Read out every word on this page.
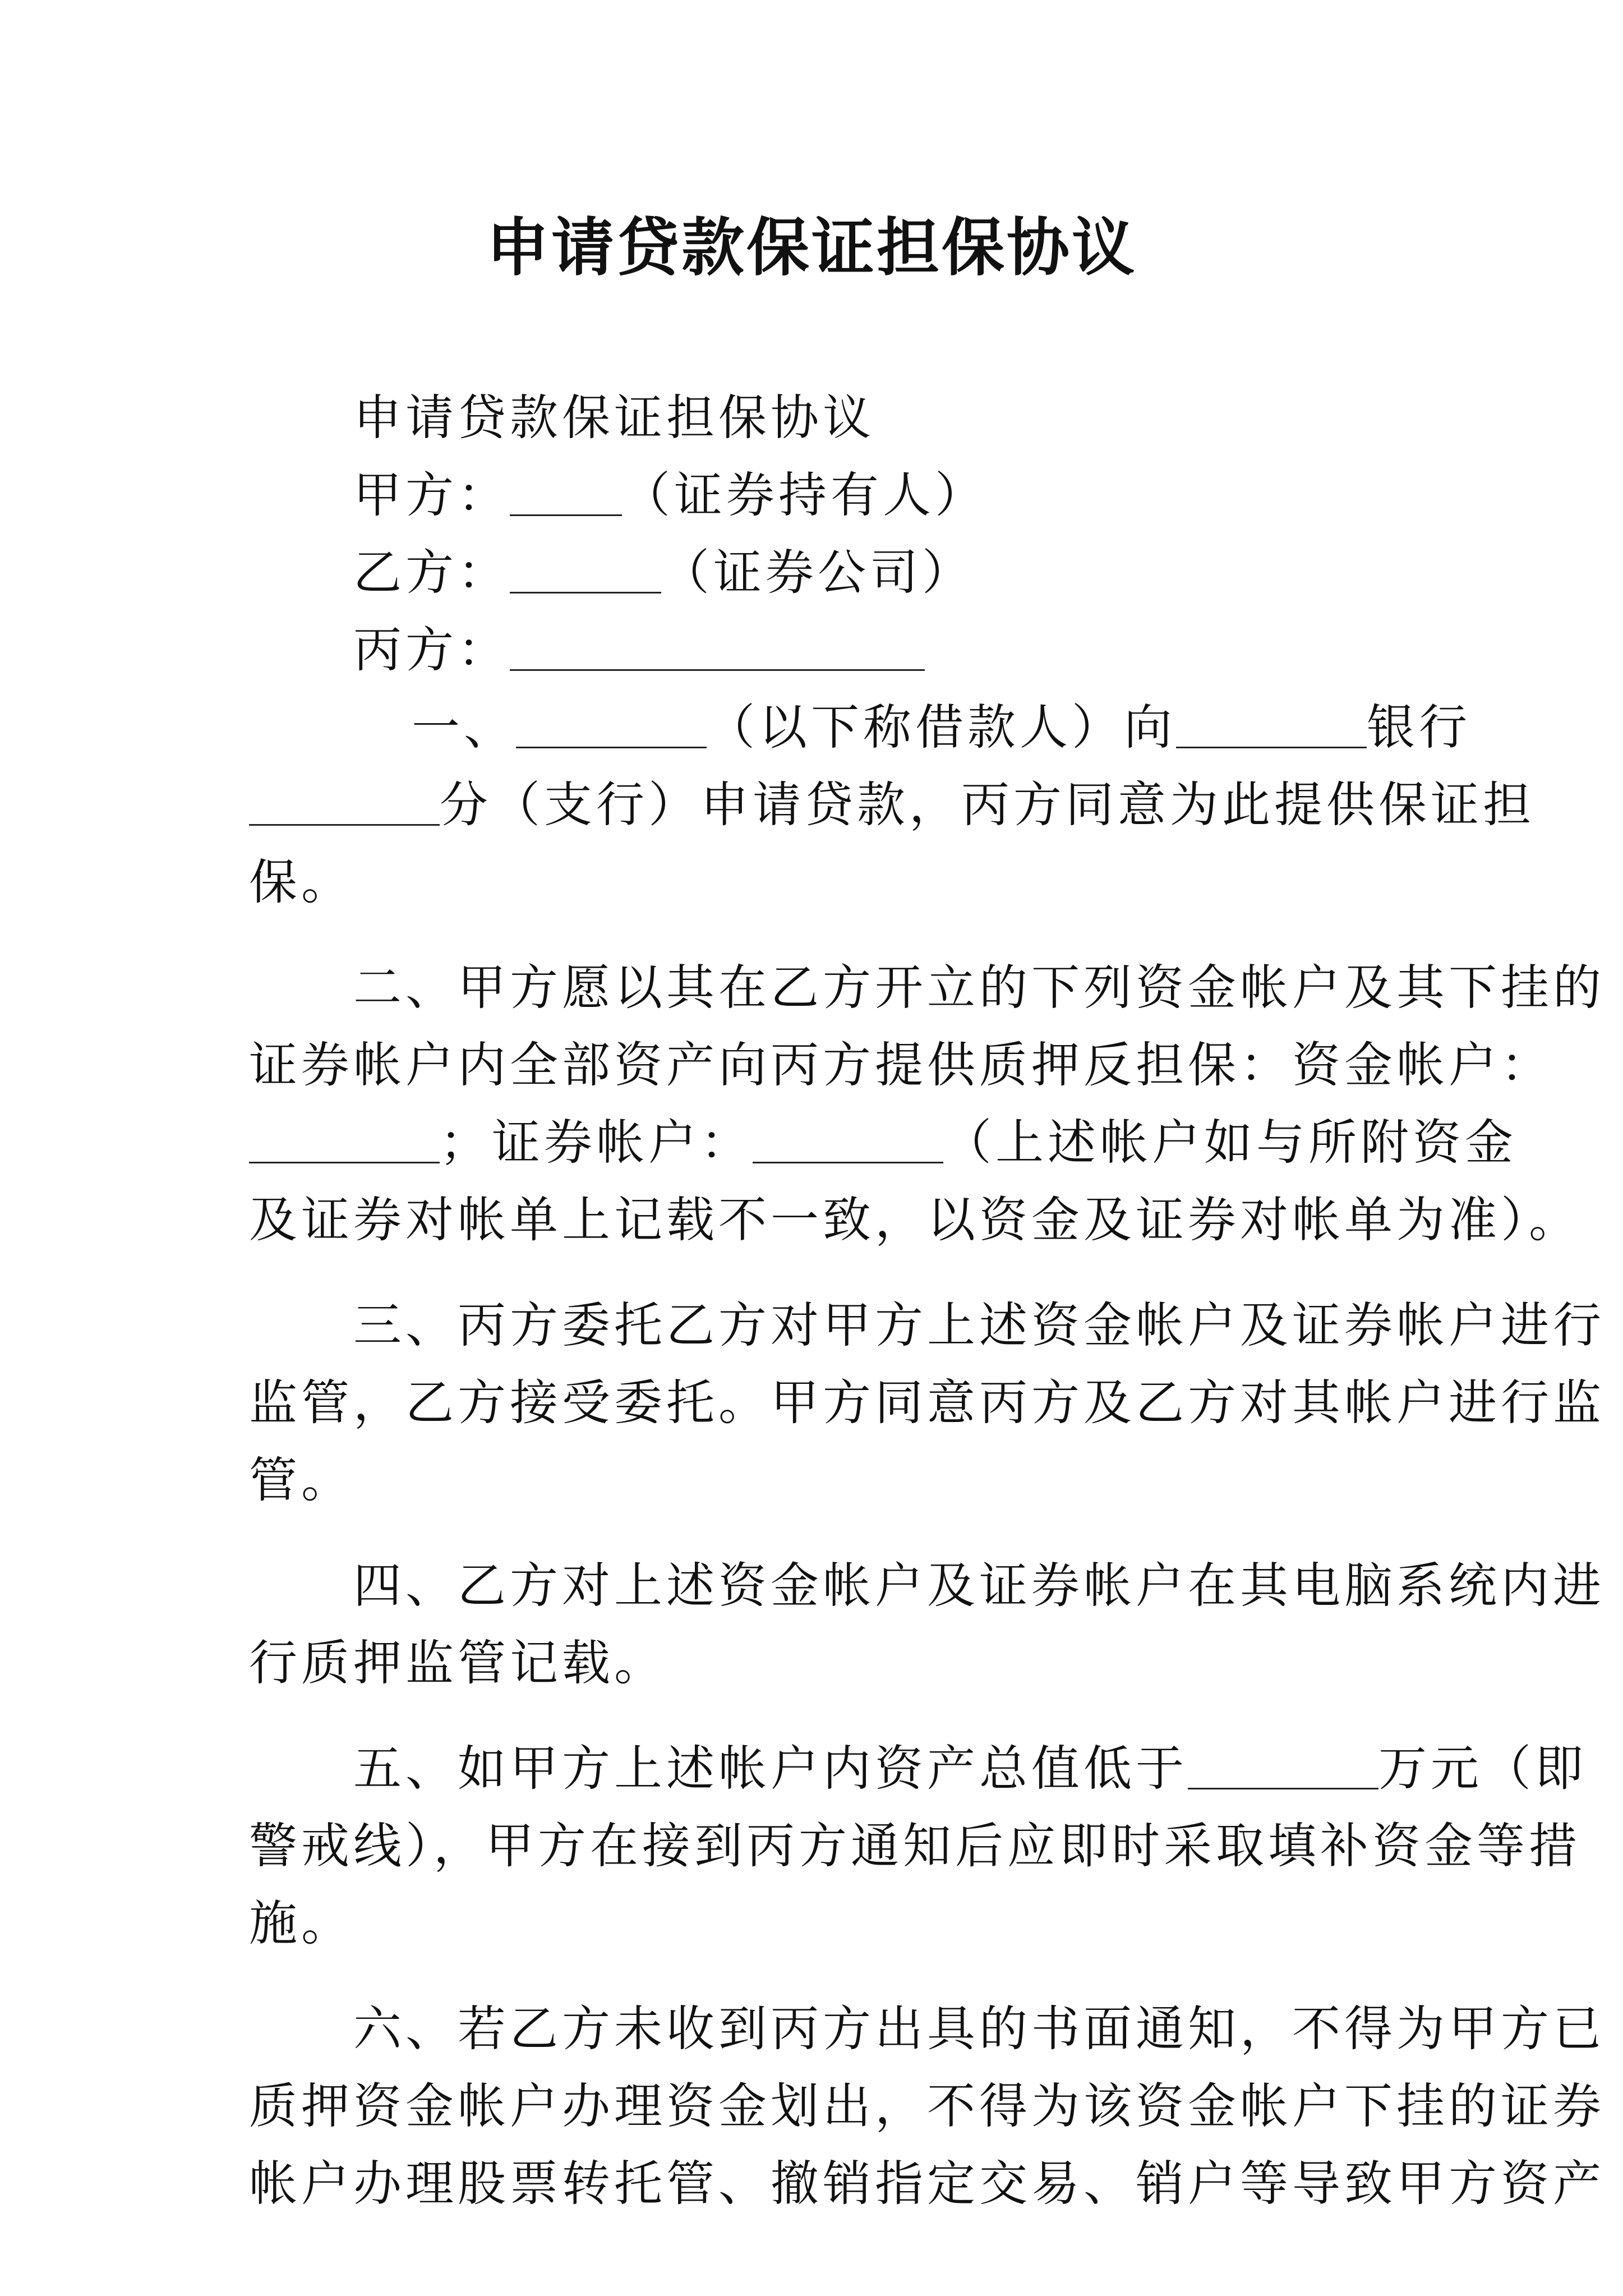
申请贷款保证担保协议
申请贷款保证担保协议
甲方： （证券持有人）
乙方：	（证券公司）
丙方：
一、	（以下称借款人）向	银行
分（支行）申请贷款，丙方同意为此提供保证担
保。
二、甲方愿以其在乙方开立的下列资金帐户及其下挂的
证券帐户内全部资产向丙方提供质押反担保：资金帐户：
；证券帐户：	（上述帐户如与所附资金
及证券对帐单上记载不一致，以资金及证券对帐单为准）。
三、丙方委托乙方对甲方上述资金帐户及证券帐户进行
监管，乙方接受委托。甲方同意丙方及乙方对其帐户进行监
管。
四、乙方对上述资金帐户及证券帐户在其电脑系统内进
行质押监管记载。
五、如甲方上述帐户内资产总值低于	万元（即
警戒线），甲方在接到丙方通知后应即时采取填补资金等措
施。
六、若乙方未收到丙方出具的书面通知，不得为甲方已
质押资金帐户办理资金划出，不得为该资金帐户下挂的证券
帐户办理股票转托管、撤销指定交易、销户等导致甲方资产
